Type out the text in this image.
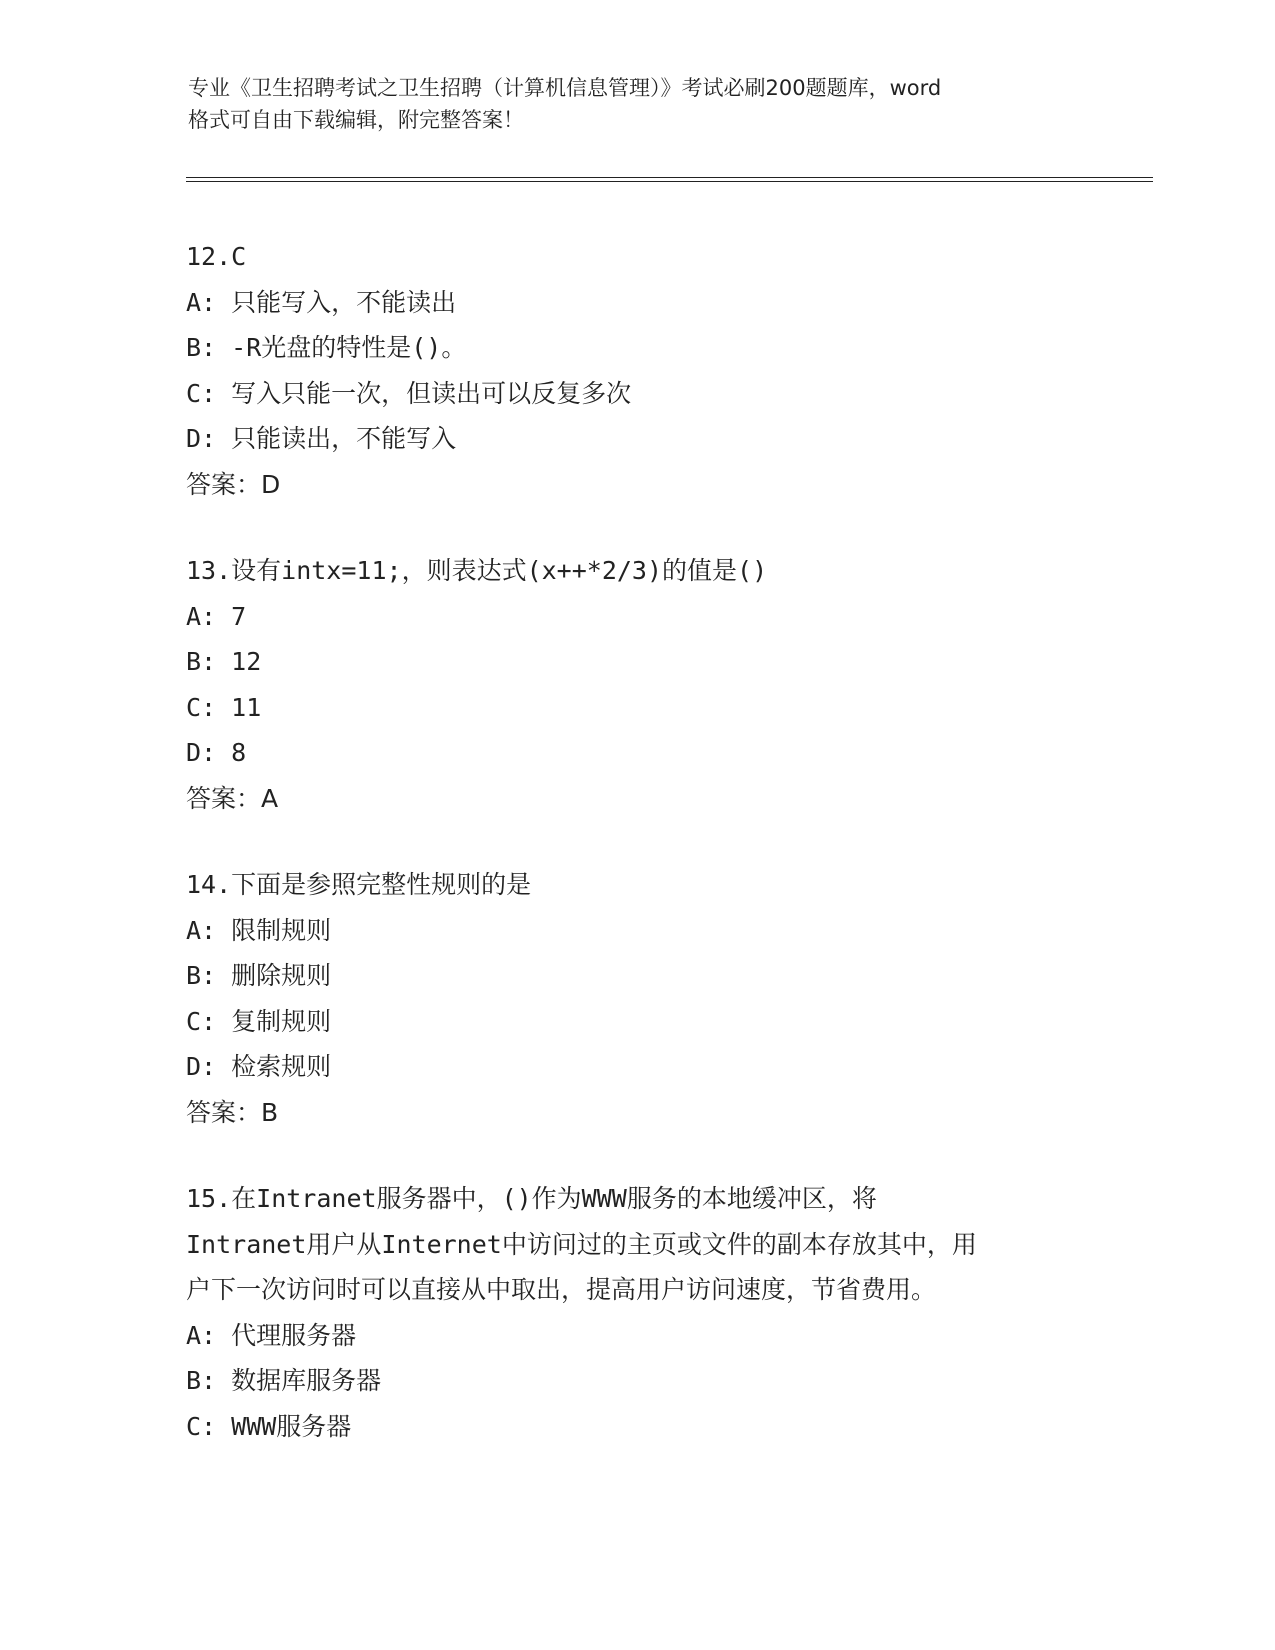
专业《卫生招聘考试之卫生招聘（计算机信息管理）》考试必刷200题题库，word
格式可自由下载编辑，附完整答案！
12.C
A: 只能写入，不能读出
B: -R光盘的特性是()。
C: 写入只能一次，但读出可以反复多次
D: 只能读出，不能写入
答案：D
13.设有intx=11;，则表达式(x++*2/3)的值是()
A: 7
B: 12
C: 11
D: 8
答案：A
14.下面是参照完整性规则的是
A: 限制规则
B: 删除规则
C: 复制规则
D: 检索规则
答案：B
15.在Intranet服务器中，()作为WWW服务的本地缓冲区，将
Intranet用户从Internet中访问过的主页或文件的副本存放其中，用
户下一次访问时可以直接从中取出，提高用户访问速度，节省费用。
A: 代理服务器
B: 数据库服务器
C: WWW服务器
